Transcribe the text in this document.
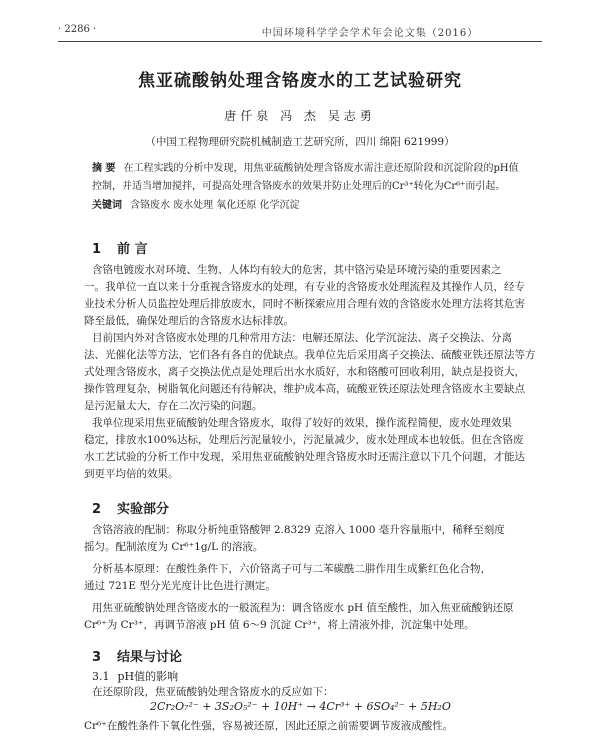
· 2286 ·	中国环境科学学会学术年会论文集（2016）
焦亚硫酸钠处理含铬废水的工艺试验研究
唐仟泉 冯 杰 吴志勇
（中国工程物理研究院机械制造工艺研究所，四川 绵阳 621999）
摘 要 在工程实践的分析中发现，用焦亚硫酸钠处理含铬废水需注意还原阶段和沉淀阶段的pH值
控制，并适当增加搅拌，可提高处理含铬废水的效果并防止处理后的Cr³⁺转化为Cr⁶⁺而引起。
关键词 含铬废水 废水处理 氧化还原 化学沉淀
1 前 言
含铬电镀废水对环境、生物、人体均有较大的危害，其中铬污染是环境污染的重要因素之
一。我单位一直以来十分重视含铬废水的处理，有专业的含铬废水处理流程及其操作人员，经专
业技术分析人员监控处理后排放废水，同时不断探索应用合理有效的含铬废水处理方法将其危害
降至最低，确保处理后的含铬废水达标排放。
目前国内外对含铬废水处理的几种常用方法：电解还原法、化学沉淀法、离子交换法、分离
法、光催化法等方法，它们各有各自的优缺点。我单位先后采用离子交换法、硫酸亚铁还原法等方
式处理含铬废水，离子交换法优点是处理后出水水质好，水和铬酸可回收利用，缺点是投资大，
操作管理复杂，树脂氧化问题还有待解决，维护成本高，硫酸亚铁还原法处理含铬废水主要缺点
是污泥量太大，存在二次污染的问题。
我单位现采用焦亚硫酸钠处理含铬废水，取得了较好的效果，操作流程简便，废水处理效果
稳定，排放水100%达标，处理后污泥量较小，污泥量减少，废水处理成本也较低。但在含铬废
水工艺试验的分析工作中发现，采用焦亚硫酸钠处理含铬废水时还需注意以下几个问题，才能达
到更平均倍的效果。
2 实验部分
含铬溶液的配制：称取分析纯重铬酸钾 2.8329 克溶入 1000 毫升容量瓶中，稀释至刻度
摇匀。配制浓度为 Cr⁶⁺1g/L 的溶液。
分析基本原理：在酸性条件下，六价铬离子可与二苯碳酰二肼作用生成紫红色化合物，
通过 721E 型分光光度计比色进行测定。
用焦亚硫酸钠处理含铬废水的一般流程为：调含铬废水 pH 值至酸性，加入焦亚硫酸钠还原
Cr⁶⁺为 Cr³⁺，再调节溶液 pH 值 6～9 沉淀 Cr³⁺，将上清液外排，沉淀集中处理。
3 结果与讨论
3.1 pH值的影响
在还原阶段，焦亚硫酸钠处理含铬废水的反应如下：
2Cr₂O₇²⁻ + 3S₂O₅²⁻ + 10H⁺ → 4Cr³⁺ + 6SO₄²⁻ + 5H₂O
Cr⁶⁺在酸性条件下氧化性强，容易被还原，因此还原之前需要调节废液成酸性。
